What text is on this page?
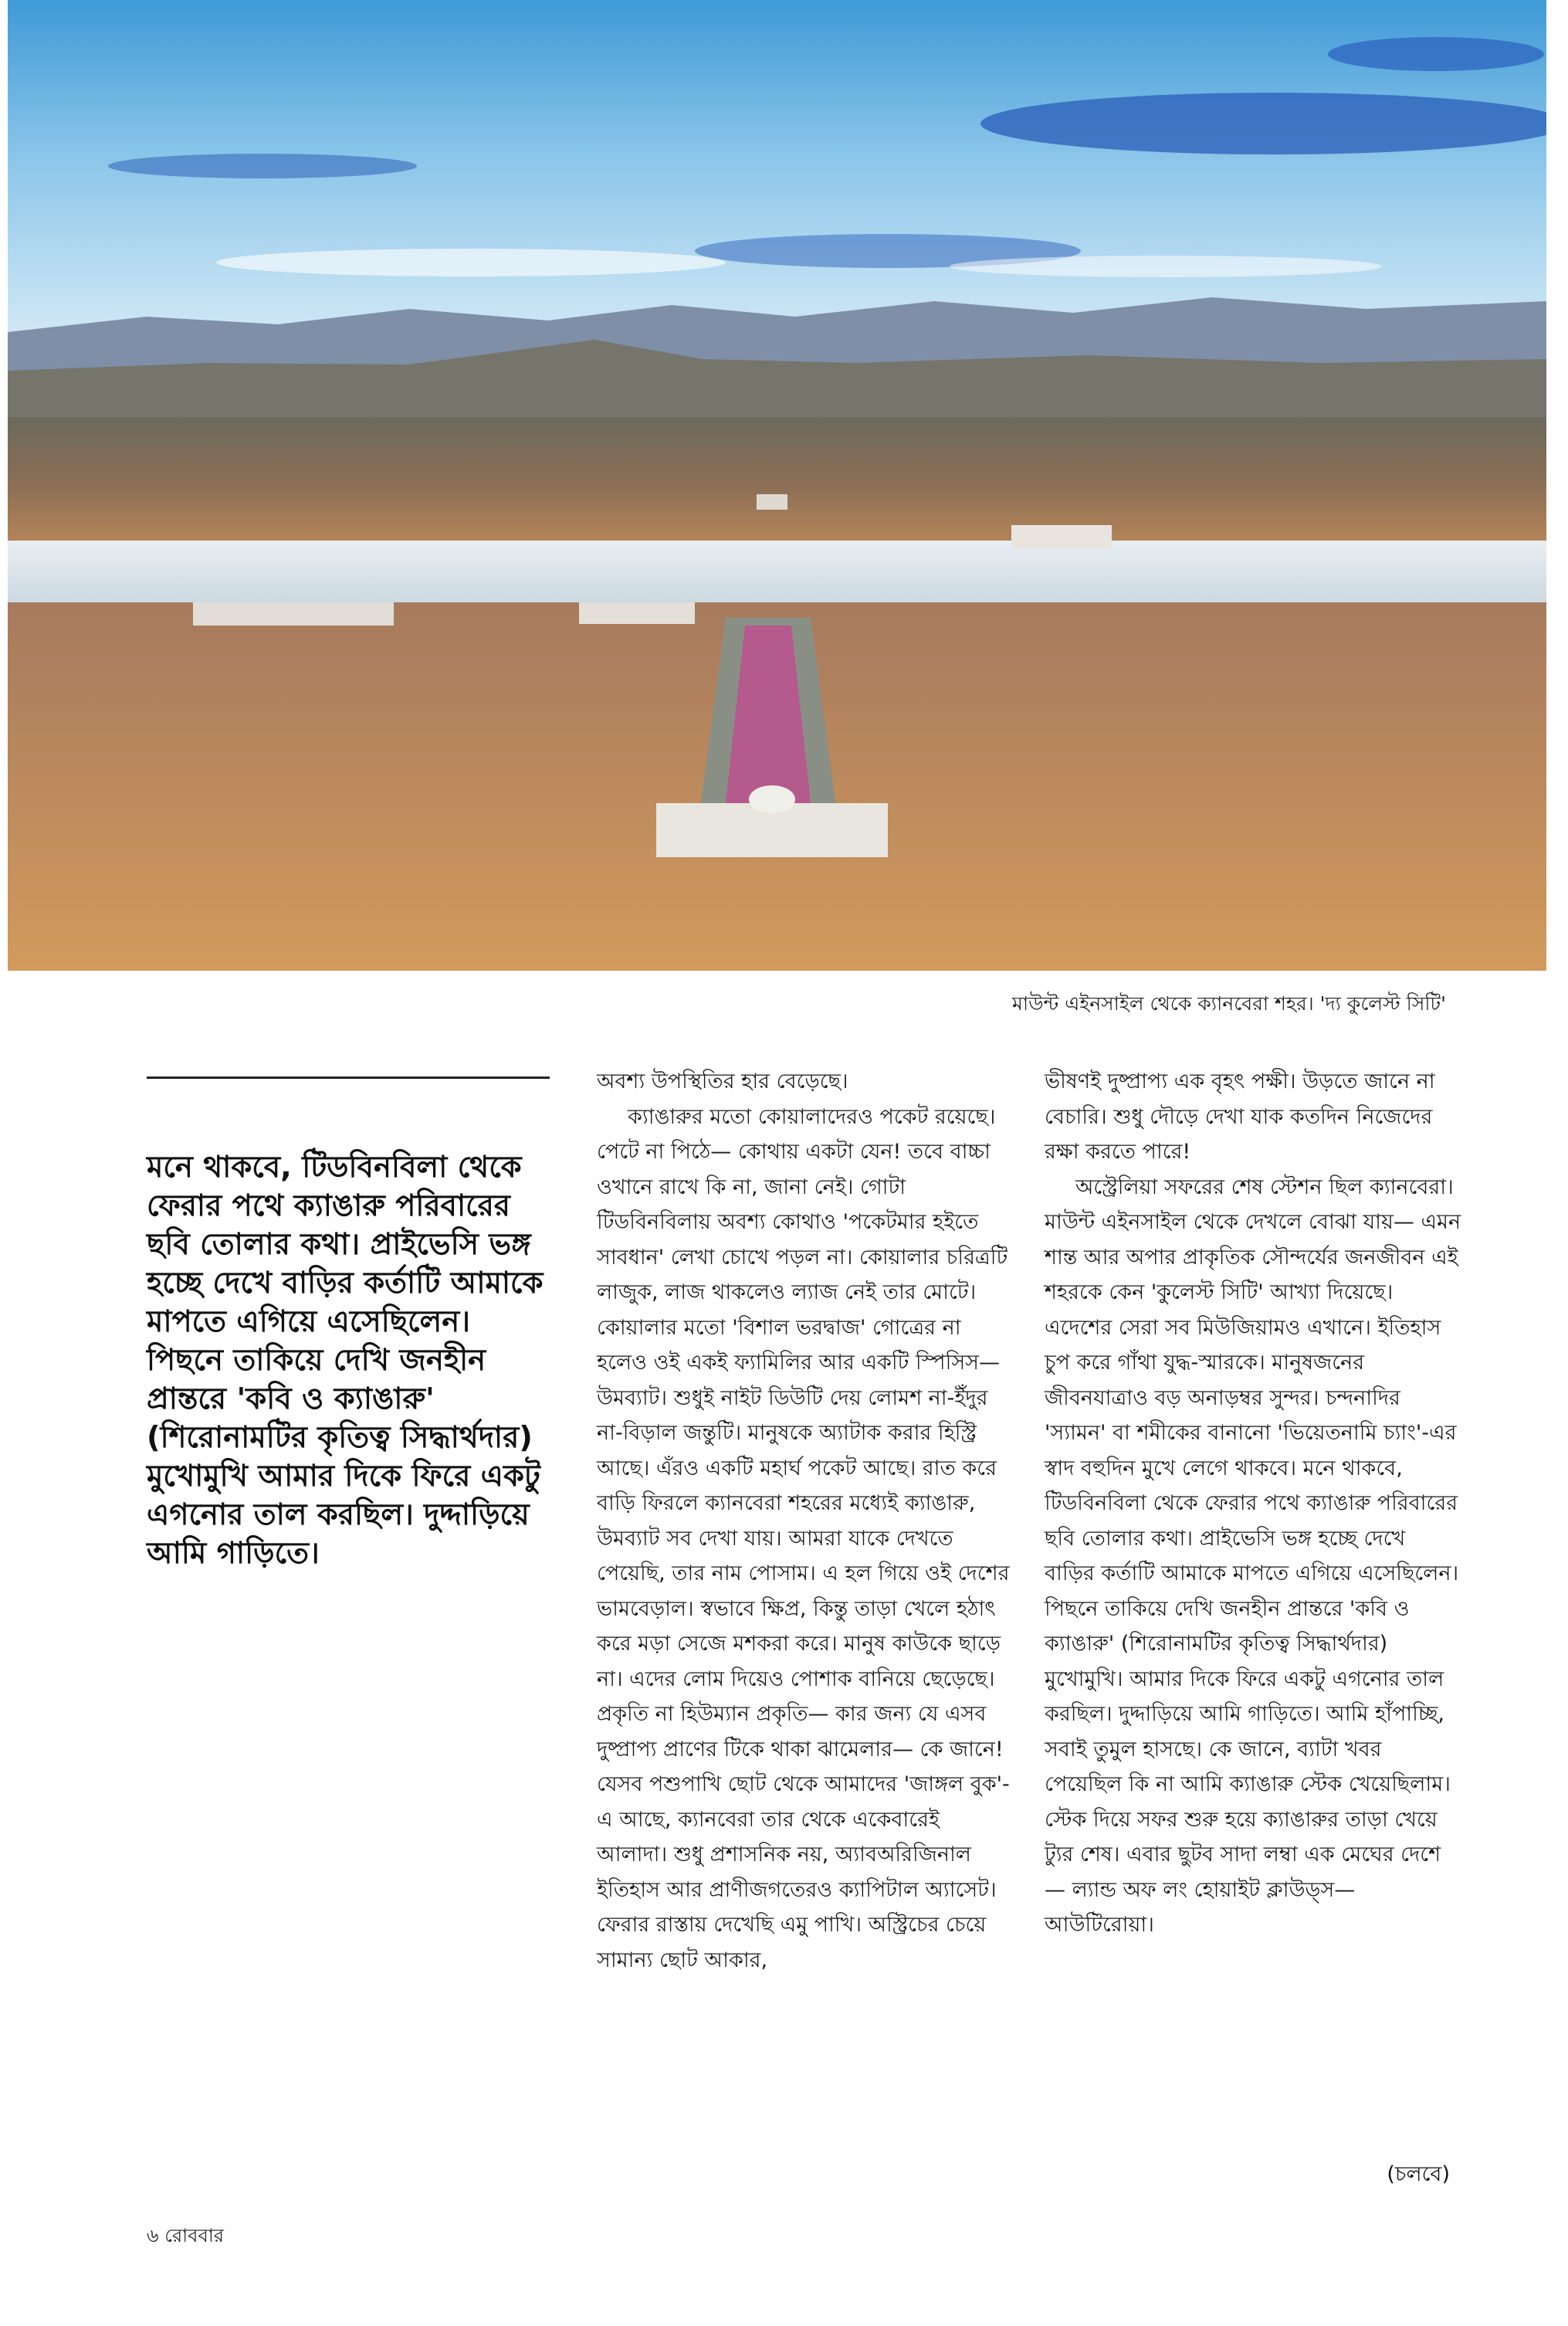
মাউন্ট এইনসাইল থেকে ক্যানবেরা শহর। 'দ্য কুলেস্ট সিটি'

মনে থাকবে, টিডবিনবিলা থেকে ফেরার পথে ক্যাঙারু পরিবারের ছবি তোলার কথা। প্রাইভেসি ভঙ্গ হচ্ছে দেখে বাড়ির কর্তাটি আমাকে মাপতে এগিয়ে এসেছিলেন। পিছনে তাকিয়ে দেখি জনহীন প্রান্তরে 'কবি ও ক্যাঙারু' (শিরোনামটির কৃতিত্ব সিদ্ধার্থদার) মুখোমুখি আমার দিকে ফিরে একটু এগনোর তাল করছিল। দুদ্দাড়িয়ে আমি গাড়িতে।

অবশ্য উপস্থিতির হার বেড়েছে।

ক্যাঙারুর মতো কোয়ালাদেরও পকেট রয়েছে। পেটে না পিঠে— কোথায় একটা যেন! তবে বাচ্চা ওখানে রাখে কি না, জানা নেই। গোটা টিডবিনবিলায় অবশ্য কোথাও 'পকেটমার হইতে সাবধান' লেখা চোখে পড়ল না। কোয়ালার চরিত্রটি লাজুক, লাজ থাকলেও ল্যাজ নেই তার মোটে। কোয়ালার মতো 'বিশাল ভরদ্বাজ' গোত্রের না হলেও ওই একই ফ্যামিলির আর একটি স্পিসিস— উমব্যাট। শুধুই নাইট ডিউটি দেয় লোমশ না-ইঁদুর না-বিড়াল জন্তুটি। মানুষকে অ্যাটাক করার হিস্ট্রি আছে। এঁরও একটি মহার্ঘ পকেট আছে। রাত করে বাড়ি ফিরলে ক্যানবেরা শহরের মধ্যেই ক্যাঙারু, উমব্যাট সব দেখা যায়। আমরা যাকে দেখতে পেয়েছি, তার নাম পোসাম। এ হল গিয়ে ওই দেশের ভামবেড়াল। স্বভাবে ক্ষিপ্র, কিন্তু তাড়া খেলে হঠাৎ করে মড়া সেজে মশকরা করে। মানুষ কাউকে ছাড়ে না। এদের লোম দিয়েও পোশাক বানিয়ে ছেড়েছে। প্রকৃতি না হিউম্যান প্রকৃতি— কার জন্য যে এসব দুষ্প্রাপ্য প্রাণের টিকে থাকা ঝামেলার— কে জানে! যেসব পশুপাখি ছোট থেকে আমাদের 'জাঙ্গল বুক'-এ আছে, ক্যানবেরা তার থেকে একেবারেই আলাদা। শুধু প্রশাসনিক নয়, অ্যাবঅরিজিনাল ইতিহাস আর প্রাণীজগতেরও ক্যাপিটাল অ্যাসেট। ফেরার রাস্তায় দেখেছি এমু পাখি। অস্ট্রিচের চেয়ে সামান্য ছোট আকার,

ভীষণই দুষ্প্রাপ্য এক বৃহৎ পক্ষী। উড়তে জানে না বেচারি। শুধু দৌড়ে দেখা যাক কতদিন নিজেদের রক্ষা করতে পারে!

অস্ট্রেলিয়া সফরের শেষ স্টেশন ছিল ক্যানবেরা। মাউন্ট এইনসাইল থেকে দেখলে বোঝা যায়— এমন শান্ত আর অপার প্রাকৃতিক সৌন্দর্যের জনজীবন এই শহরকে কেন 'কুলেস্ট সিটি' আখ্যা দিয়েছে। এদেশের সেরা সব মিউজিয়ামও এখানে। ইতিহাস চুপ করে গাঁথা যুদ্ধ-স্মারকে। মানুষজনের জীবনযাত্রাও বড় অনাড়ম্বর সুন্দর। চন্দনাদির 'স্যামন' বা শমীকের বানানো 'ভিয়েতনামি চ্যাং'-এর স্বাদ বহুদিন মুখে লেগে থাকবে। মনে থাকবে, টিডবিনবিলা থেকে ফেরার পথে ক্যাঙারু পরিবারের ছবি তোলার কথা। প্রাইভেসি ভঙ্গ হচ্ছে দেখে বাড়ির কর্তাটি আমাকে মাপতে এগিয়ে এসেছিলেন। পিছনে তাকিয়ে দেখি জনহীন প্রান্তরে 'কবি ও ক্যাঙারু' (শিরোনামটির কৃতিত্ব সিদ্ধার্থদার) মুখোমুখি। আমার দিকে ফিরে একটু এগনোর তাল করছিল। দুদ্দাড়িয়ে আমি গাড়িতে। আমি হাঁপাচ্ছি, সবাই তুমুল হাসছে। কে জানে, ব্যাটা খবর পেয়েছিল কি না আমি ক্যাঙারু স্টেক খেয়েছিলাম। স্টেক দিয়ে সফর শুরু হয়ে ক্যাঙারুর তাড়া খেয়ে ট্যুর শেষ। এবার ছুটব সাদা লম্বা এক মেঘের দেশে— ল্যান্ড অফ লং হোয়াইট ক্লাউড্স— আউটিরোয়া।

(চলবে)
৬ রোববার
